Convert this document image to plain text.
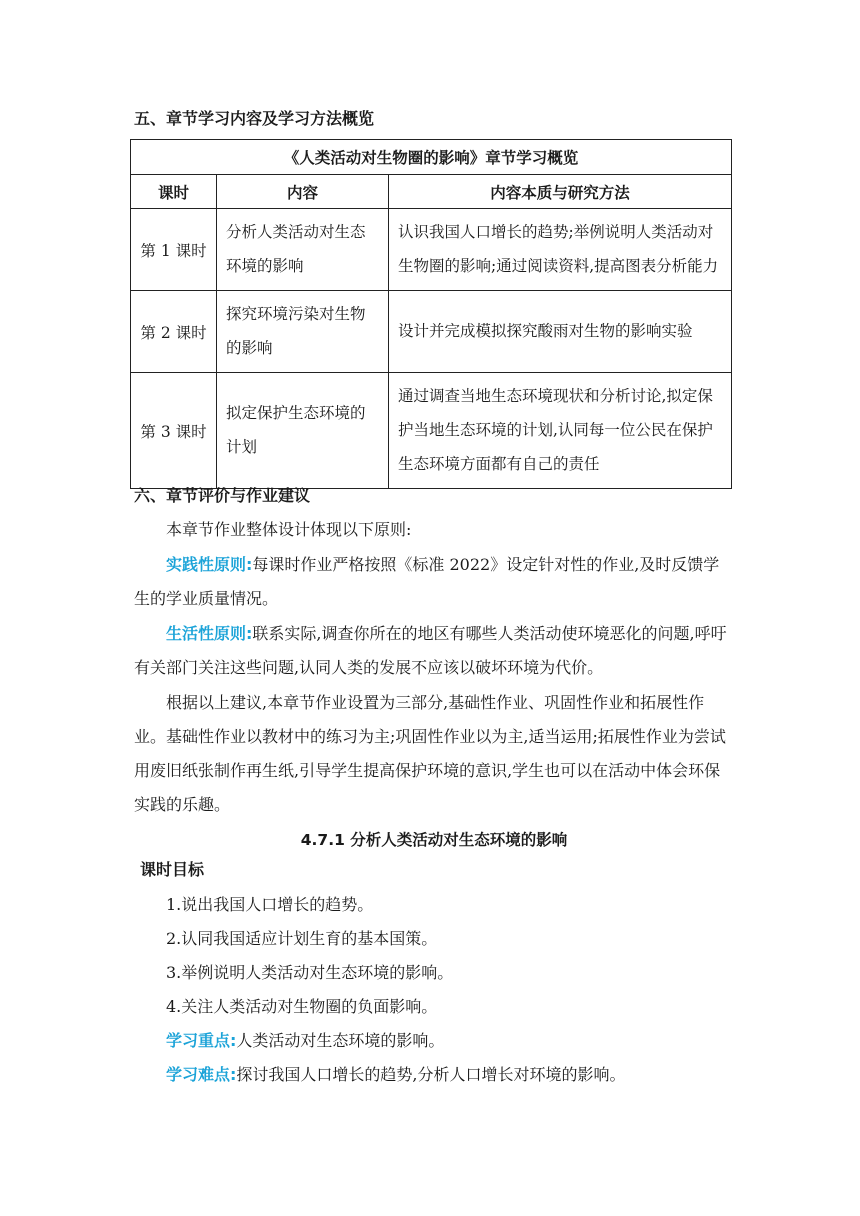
五、章节学习内容及学习方法概览
《人类活动对生物圈的影响》章节学习概览		
课时	内容	内容本质与研究方法
第 1 课时	分析人类活动对生态环境的影响	认识我国人口增长的趋势;举例说明人类活动对生物圈的影响;通过阅读资料,提高图表分析能力
第 2 课时	探究环境污染对生物的影响	设计并完成模拟探究酸雨对生物的影响实验
第 3 课时	拟定保护生态环境的计划	通过调查当地生态环境现状和分析讨论,拟定保护当地生态环境的计划,认同每一位公民在保护生态环境方面都有自己的责任
六、章节评价与作业建议
本章节作业整体设计体现以下原则:
实践性原则:每课时作业严格按照《标准 2022》设定针对性的作业,及时反馈学生的学业质量情况。
生活性原则:联系实际,调查你所在的地区有哪些人类活动使环境恶化的问题,呼吁有关部门关注这些问题,认同人类的发展不应该以破坏环境为代价。
根据以上建议,本章节作业设置为三部分,基础性作业、巩固性作业和拓展性作业。基础性作业以教材中的练习为主;巩固性作业以为主,适当运用;拓展性作业为尝试用废旧纸张制作再生纸,引导学生提高保护环境的意识,学生也可以在活动中体会环保实践的乐趣。
4.7.1 分析人类活动对生态环境的影响
课时目标
1.说出我国人口增长的趋势。
2.认同我国适应计划生育的基本国策。
3.举例说明人类活动对生态环境的影响。
4.关注人类活动对生物圈的负面影响。
学习重点:人类活动对生态环境的影响。
学习难点:探讨我国人口增长的趋势,分析人口增长对环境的影响。
